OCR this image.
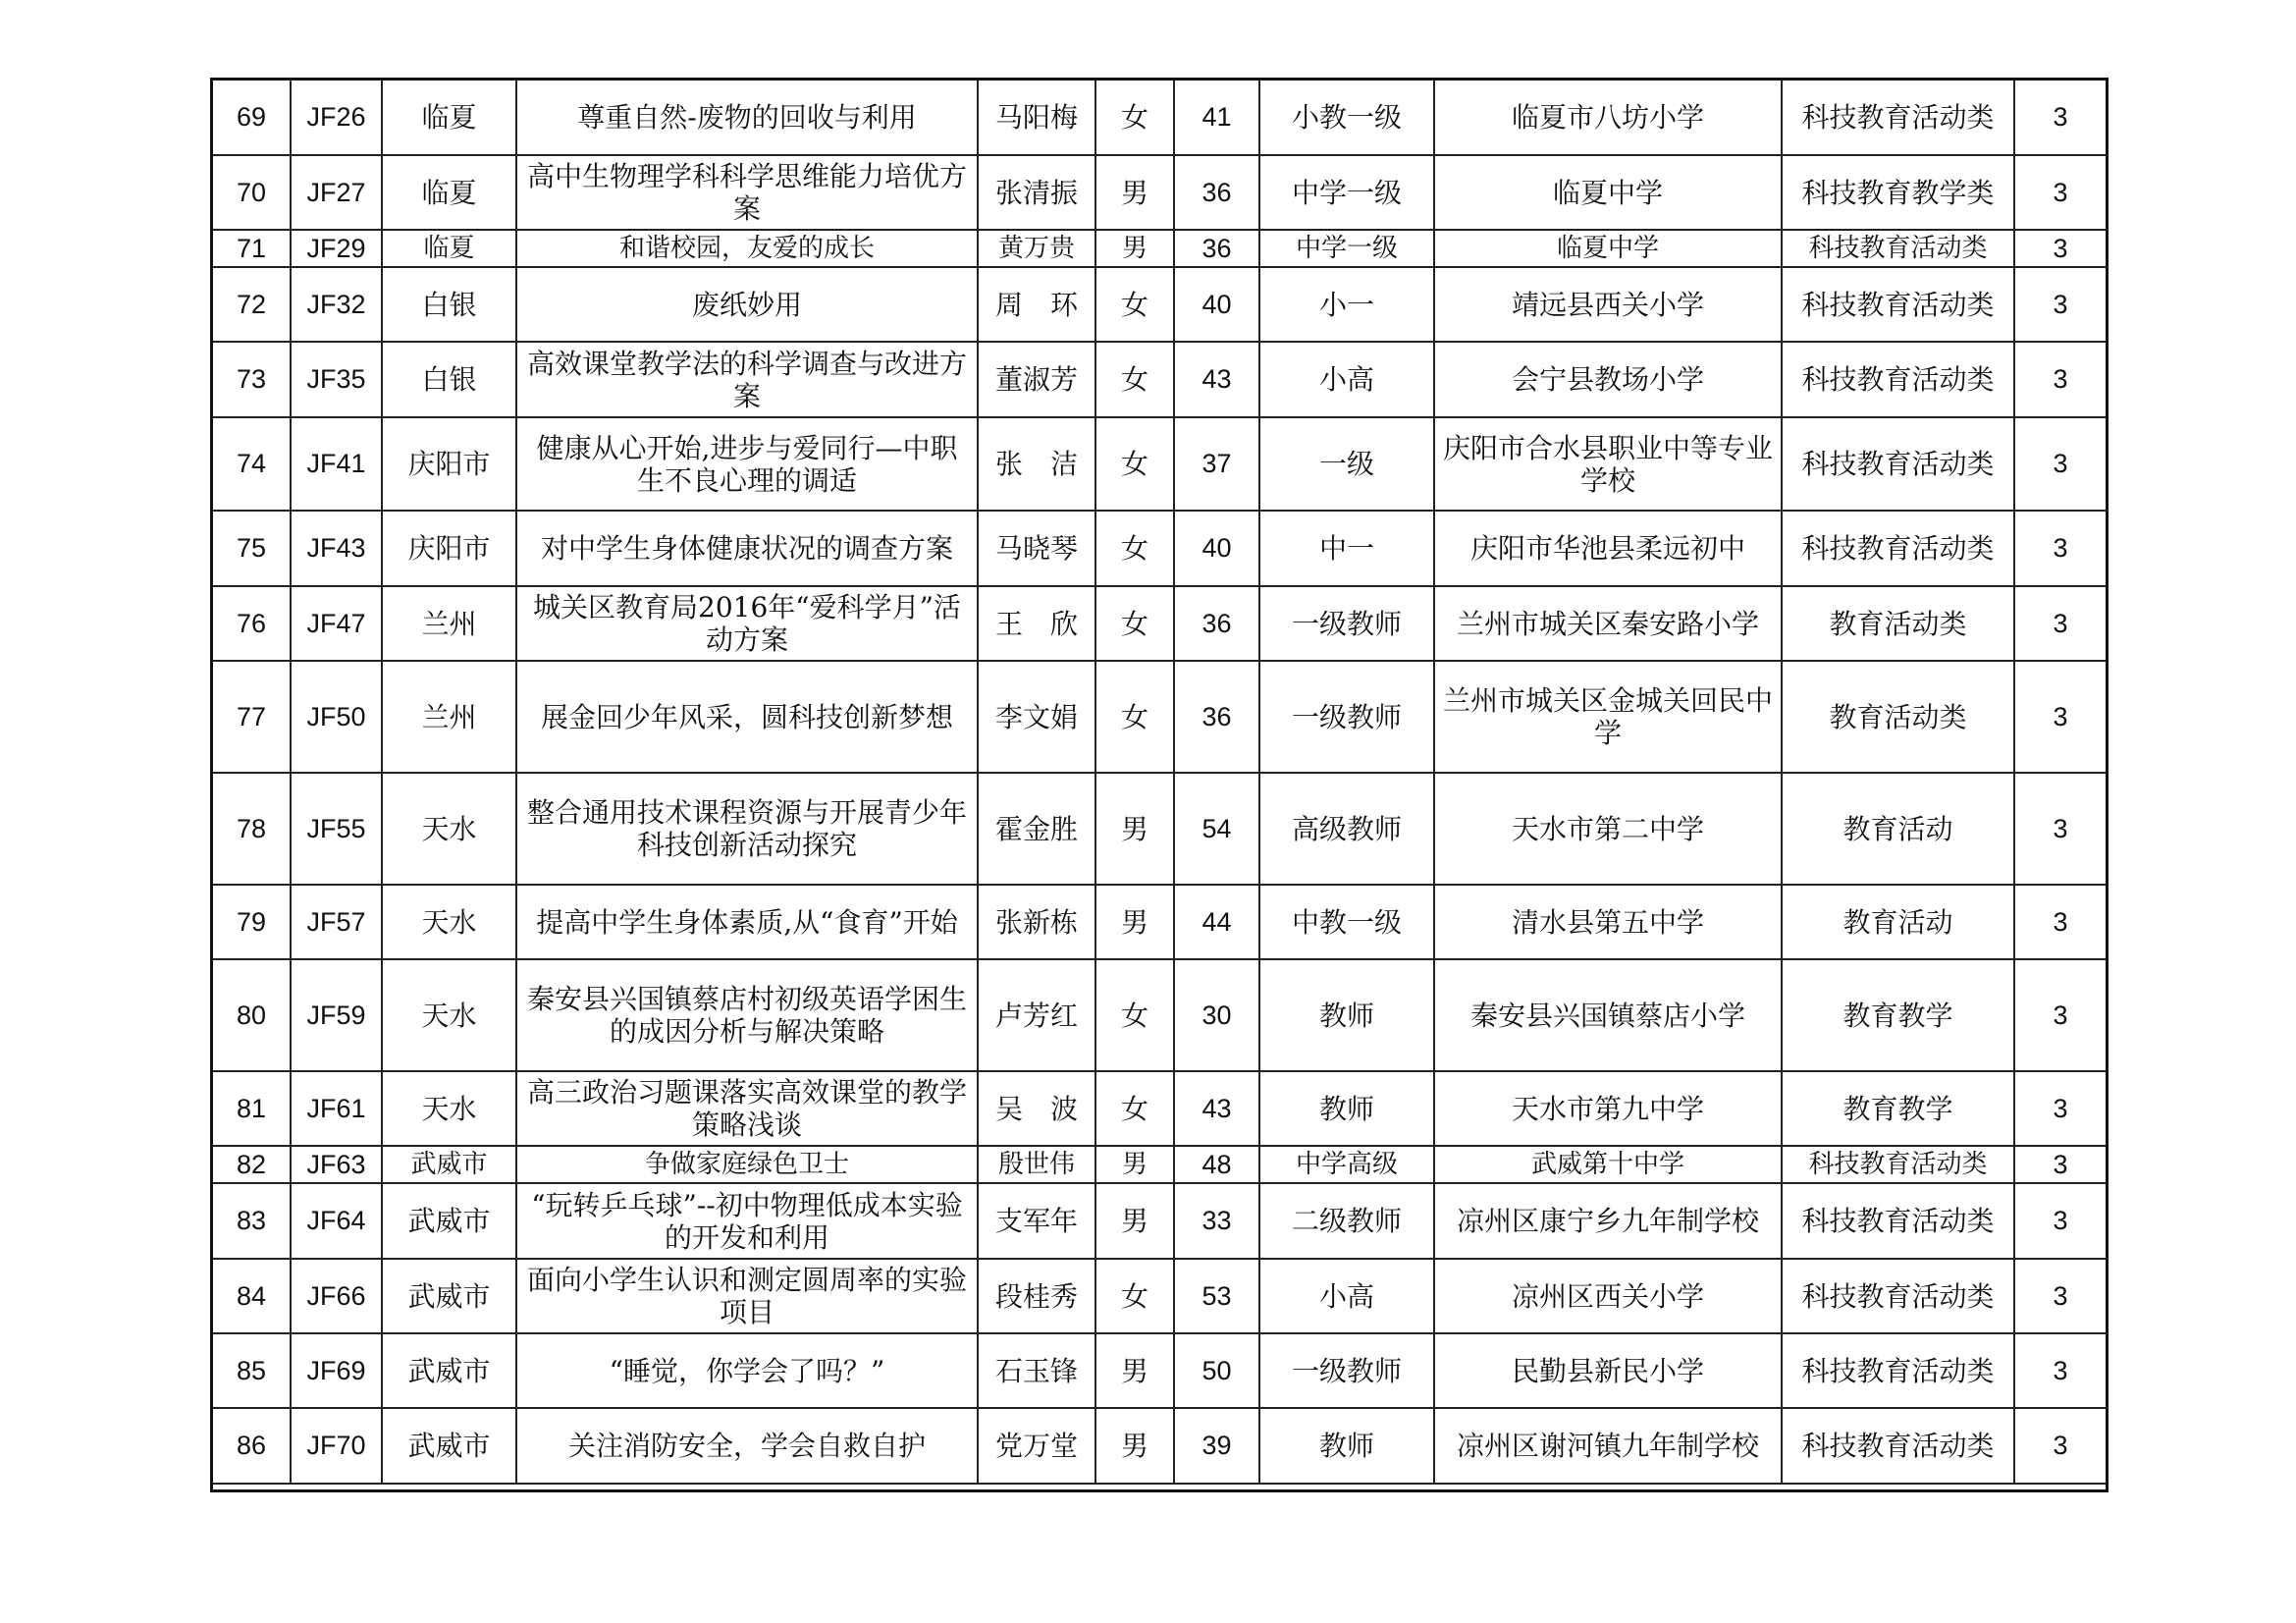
69	JF26	临夏	尊重自然-废物的回收与利用	马阳梅	女	41	小教一级	临夏市八坊小学	科技教育活动类	3
70	JF27	临夏	高中生物理学科科学思维能力培优方案	张清振	男	36	中学一级	临夏中学	科技教育教学类	3
71	JF29	临夏	和谐校园，友爱的成长	黄万贵	男	36	中学一级	临夏中学	科技教育活动类	3
72	JF32	白银	废纸妙用	周　环	女	40	小一	靖远县西关小学	科技教育活动类	3
73	JF35	白银	高效课堂教学法的科学调查与改进方案	董淑芳	女	43	小高	会宁县教场小学	科技教育活动类	3
74	JF41	庆阳市	健康从心开始,进步与爱同行—中职生不良心理的调适	张　洁	女	37	一级	庆阳市合水县职业中等专业学校	科技教育活动类	3
75	JF43	庆阳市	对中学生身体健康状况的调查方案	马晓琴	女	40	中一	庆阳市华池县柔远初中	科技教育活动类	3
76	JF47	兰州	城关区教育局2016年“爱科学月”活动方案	王　欣	女	36	一级教师	兰州市城关区秦安路小学	教育活动类	3
77	JF50	兰州	展金回少年风采，圆科技创新梦想	李文娟	女	36	一级教师	兰州市城关区金城关回民中学	教育活动类	3
78	JF55	天水	整合通用技术课程资源与开展青少年科技创新活动探究	霍金胜	男	54	高级教师	天水市第二中学	教育活动	3
79	JF57	天水	提高中学生身体素质,从“食育”开始	张新栋	男	44	中教一级	清水县第五中学	教育活动	3
80	JF59	天水	秦安县兴国镇蔡店村初级英语学困生的成因分析与解决策略	卢芳红	女	30	教师	秦安县兴国镇蔡店小学	教育教学	3
81	JF61	天水	高三政治习题课落实高效课堂的教学策略浅谈	吴　波	女	43	教师	天水市第九中学	教育教学	3
82	JF63	武威市	争做家庭绿色卫士	殷世伟	男	48	中学高级	武威第十中学	科技教育活动类	3
83	JF64	武威市	“玩转乒乓球”--初中物理低成本实验的开发和利用	支军年	男	33	二级教师	凉州区康宁乡九年制学校	科技教育活动类	3
84	JF66	武威市	面向小学生认识和测定圆周率的实验项目	段桂秀	女	53	小高	凉州区西关小学	科技教育活动类	3
85	JF69	武威市	“睡觉，你学会了吗？”	石玉锋	男	50	一级教师	民勤县新民小学	科技教育活动类	3
86	JF70	武威市	关注消防安全，学会自救自护	党万堂	男	39	教师	凉州区谢河镇九年制学校	科技教育活动类	3
